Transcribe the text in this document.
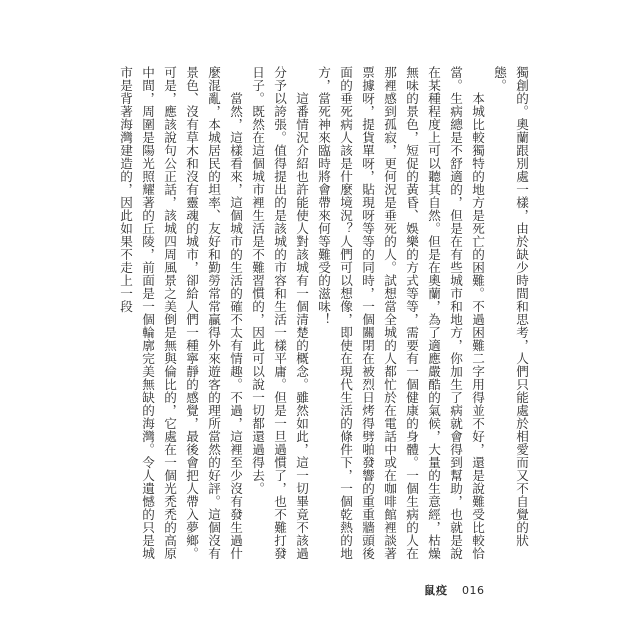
獨創的。奧蘭跟別處一樣，由於缺少時間和思考，人們只能處於相愛而又不自覺的狀態。

　　本城比較獨特的地方是死亡的困難。不過困難二字用得並不好，還是說難受比較恰當。生病總是不舒適的，但是在有些城市和地方，你加生了病就會得到幫助，也就是說在某種程度上可以聽其自然。但是在奧蘭，為了適應嚴酷的氣候，大量的生意經，枯燥無味的景色，短促的黃昏、娛樂的方式等等，需要有一個健康的身體。一個生病的人在那裡感到孤寂，更何況是垂死的人。試想當全城的人都忙於在電話中或在咖啡館裡談著票據呀，提貨單呀，貼現呀等等的同時，一個關閉在被烈日烤得劈啪發響的重重牆頭後面的垂死病人該是什麼境況？人們可以想像，即使在現代生活的條件下，一個乾熱的地方，當死神來臨時將會帶來何等難受的滋味！

　　這番情況介紹也許能使人對該城有一個清楚的概念。雖然如此，這一切畢竟不該過分予以誇張。值得提出的是該城的市容和生活一樣平庸。但是一旦過慣了，也不難打發日子。既然在這個城市裡生活是不難習慣的，因此可以說一切都還過得去。

　　當然，這樣看來，這個城市的生活的確不太有情趣。不過，這裡至少沒有發生過什麼混亂，本城居民的坦率、友好和勤勞常常贏得外來遊客的理所當然的好評。這個沒有景色、沒有草木和沒有靈魂的城市，卻給人們一種寧靜的感覺，最後會把人帶入夢鄉。可是，應該說句公正話，該城四周風景之美倒是無與倫比的，它處在一個光禿禿的高原中間，周圍是陽光照耀著的丘陵，前面是一個輪廓完美無缺的海灣。令人遺憾的只是城市是背著海灣建造的，因此如果不走上一段

鼠疫 016
